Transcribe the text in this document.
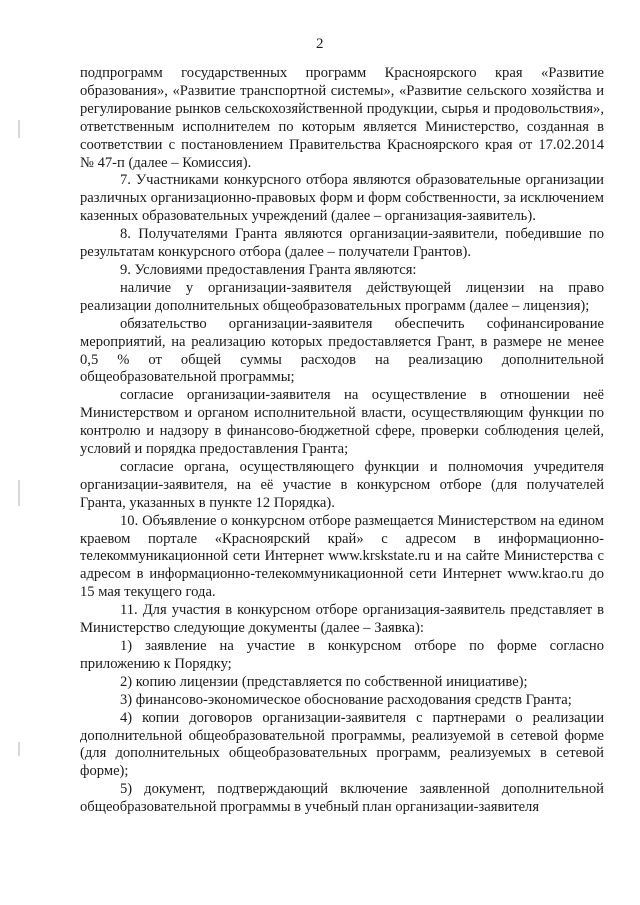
2

подпрограмм государственных программ Красноярского края «Развитие образования», «Развитие транспортной системы», «Развитие сельского хозяйства и регулирование рынков сельскохозяйственной продукции, сырья и продовольствия», ответственным исполнителем по которым является Министерство, созданная в соответствии с постановлением Правительства Красноярского края от 17.02.2014 № 47-п (далее – Комиссия).

7. Участниками конкурсного отбора являются образовательные организации различных организационно-правовых форм и форм собственности, за исключением казенных образовательных учреждений (далее – организация-заявитель).

8. Получателями Гранта являются организации-заявители, победившие по результатам конкурсного отбора (далее – получатели Грантов).

9. Условиями предоставления Гранта являются:

наличие у организации-заявителя действующей лицензии на право реализации дополнительных общеобразовательных программ (далее – лицензия);

обязательство организации-заявителя обеспечить софинансирование мероприятий, на реализацию которых предоставляется Грант, в размере не менее 0,5 % от общей суммы расходов на реализацию дополнительной общеобразовательной программы;

согласие организации-заявителя на осуществление в отношении неё Министерством и органом исполнительной власти, осуществляющим функции по контролю и надзору в финансово-бюджетной сфере, проверки соблюдения целей, условий и порядка предоставления Гранта;

согласие органа, осуществляющего функции и полномочия учредителя организации-заявителя, на её участие в конкурсном отборе (для получателей Гранта, указанных в пункте 12 Порядка).

10. Объявление о конкурсном отборе размещается Министерством на едином краевом портале «Красноярский край» с адресом в информационно-телекоммуникационной сети Интернет www.krskstate.ru и на сайте Министерства с адресом в информационно-телекоммуникационной сети Интернет www.krao.ru до 15 мая текущего года.

11. Для участия в конкурсном отборе организация-заявитель представляет в Министерство следующие документы (далее – Заявка):

1) заявление на участие в конкурсном отборе по форме согласно приложению к Порядку;

2) копию лицензии (представляется по собственной инициативе);

3) финансово-экономическое обоснование расходования средств Гранта;

4) копии договоров организации-заявителя с партнерами о реализации дополнительной общеобразовательной программы, реализуемой в сетевой форме (для дополнительных общеобразовательных программ, реализуемых в сетевой форме);

5) документ, подтверждающий включение заявленной дополнительной общеобразовательной программы в учебный план организации-заявителя
